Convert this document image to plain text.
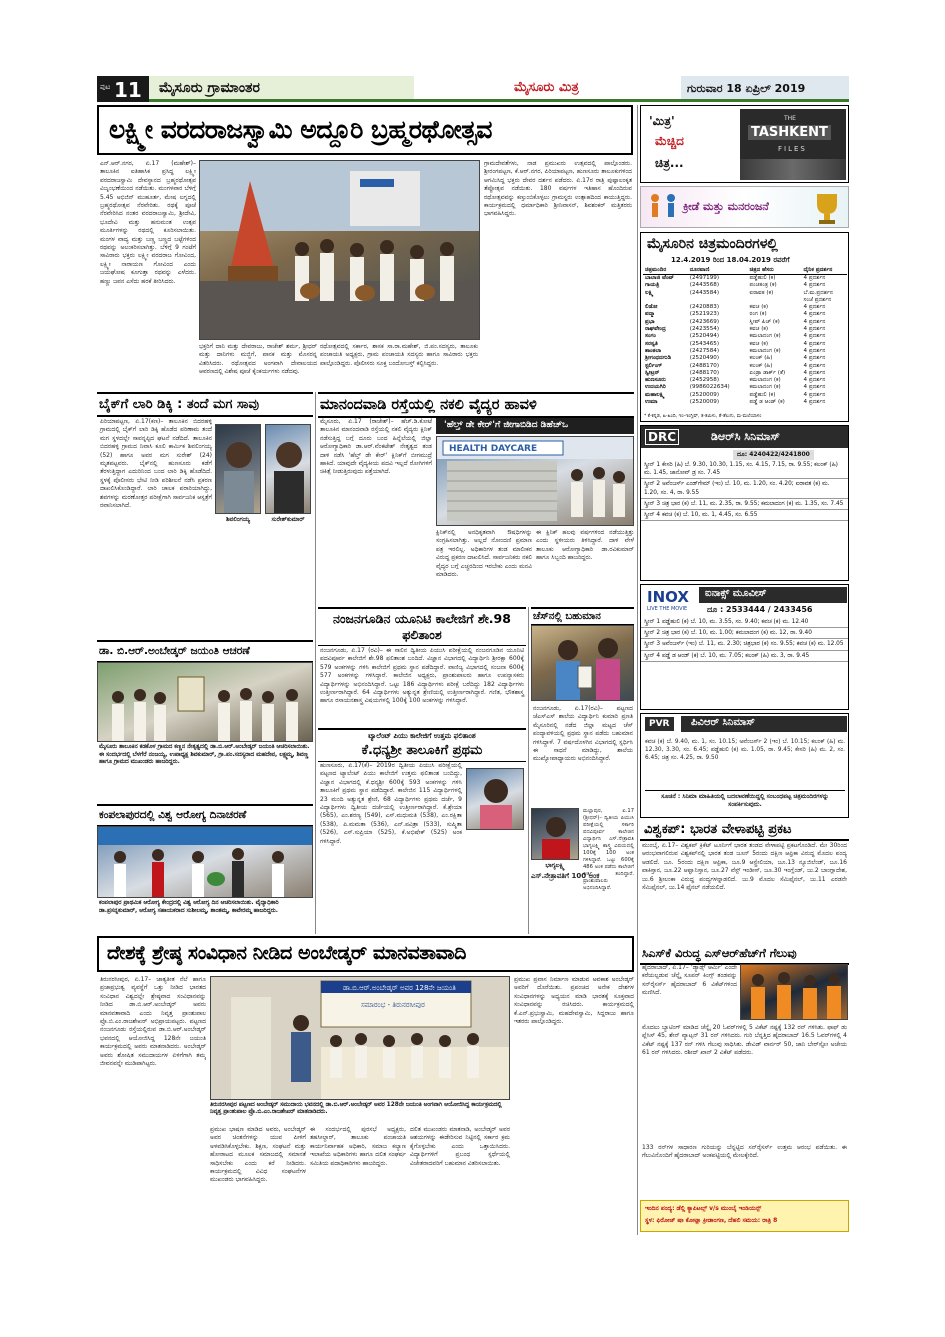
ಪುಟ 11 ಮೈಸೂರು ಗ್ರಾಮಾಂತರ	ಮೈಸೂರು ಮಿತ್ರ	ಗುರುವಾರ 18 ಏಪ್ರಿಲ್ 2019
ಲಕ್ಷ್ಮೀ ವರದರಾಜಸ್ವಾಮಿ ಅದ್ದೂರಿ ಬ್ರಹ್ಮರಥೋತ್ಸವ

ಎನ್.ಆರ್.ನಗರ, ಏ.17 (ಮಹೇಶ್)– ತಾಲೂಕಿನ ಐತಿಹಾಸಿಕ ಪ್ರಸಿದ್ಧ ಲಕ್ಷ್ಮೀ ವರದರಾಜಸ್ವಾಮಿ ದೇವಸ್ಥಾನದ ಬ್ರಹ್ಮರಥೋತ್ಸವ ವಿಜೃಂಭಣೆಯಿಂದ ನಡೆಯಿತು. ಮಂಗಳವಾರ ಬೆಳಿಗ್ಗೆ 5.45 ಅಭಿಜಿನ್ ಮುಹೂರ್ತ, ಮೇಷ ಲಗ್ನದಲ್ಲಿ ಬ್ರಹ್ಮರಥೋತ್ಸವ ನೆರವೇರಿತು. ರಥಕ್ಕೆ ಪೂಜೆ ನೆರವೇರಿಸಿದ ನಂತರ ವರದರಾಜಸ್ವಾಮಿ, ಶ್ರೀದೇವಿ, ಭೂದೇವಿ ಮತ್ತು ಹನುಮಂತ ಉತ್ಸವ ಮೂರ್ತಿಗಳನ್ನು ರಥದಲ್ಲಿ ಕೂರಿಸಲಾಯಿತು. ಮಂಗಳ ವಾದ್ಯ ಮತ್ತು ಬಣ್ಣ ಬಣ್ಣದ ಬಟ್ಟೆಗಳಿಂದ ರಥವನ್ನು ಅಲಂಕರಿಸಲಾಗಿತ್ತು. ಬೆಳಿಗ್ಗೆ 9 ಗಂಟೆಗೆ ಸಾವಿರಾರು ಭಕ್ತರು ಲಕ್ಷ್ಮೀ ವರದರಾಜ ಗೋವಿಂದ, ಲಕ್ಷ್ಮೀ ನಾರಾಯಣ ಗೋವಿಂದ ಎಂದು ಜಯಘೋಷ ಕೂಗುತ್ತಾ ರಥವನ್ನು ಎಳೆದರು. ಹಣ್ಣು ಜವನ ಎಸೆದು ಹರಕೆ ತೀರಿಸಿದರು.

ಭಕ್ತರಿಗೆ ದಾನಿ ಮತ್ತು ದೇವರಾಜು, ರಾಜೇಶ್ ಶರ್ಮ, ಶ್ರೀಧರ್ ಮತ್ತು ದಾನಿಗಳು ಮಜ್ಜಿಗೆ, ಪಾನಕ ಮತ್ತು ಮೊಸರನ್ನ ವಿತರಿಸಿದರು. ರಥೋತ್ಸವದ ಅಂಗವಾಗಿ ದೇವಾಲಯದ ಆವರಣದಲ್ಲಿ ವಿಶೇಷ ಪೂಜೆ ಕೈಂಕರ್ಯಗಳು ನಡೆದವು.

ರಥೋತ್ಸವದಲ್ಲಿ ಸರ್ಕಾರ, ಶಾಸಕ ಸಾ.ರಾ.ಮಹೇಶ್, ಜಿ.ಪಂ.ಸದಸ್ಯರು, ತಾಲೂಕು ಪಂಚಾಯತಿ ಅಧ್ಯಕ್ಷರು, ಗ್ರಾಮ ಪಂಚಾಯತಿ ಸದಸ್ಯರು ಹಾಗೂ ಸಾವಿರಾರು ಭಕ್ತರು ಪಾಲ್ಗೊಂಡಿದ್ದರು. ಪೊಲೀಸರು ಸೂಕ್ತ ಬಂದೋಬಸ್ತ್ ಕಲ್ಪಿಸಿದ್ದರು.

ಗ್ರಾಮದೇವತೆಗಳು, ನಾಡ ಪ್ರಮುಖರು ಉತ್ಸವದಲ್ಲಿ ಪಾಲ್ಗೊಂಡರು. ಶ್ರೀರಂಗಪಟ್ಟಣ, ಕೆ.ಆರ್.ನಗರ, ಪಿರಿಯಾಪಟ್ಟಣ, ಹುಣಸೂರು ತಾಲೂಕುಗಳಿಂದ ಆಗಮಿಸಿದ್ದ ಭಕ್ತರು ದೇವರ ದರ್ಶನ ಪಡೆದರು. ಏ.17ರ ರಾತ್ರಿ ಪುಷ್ಪಾಲಂಕೃತ ತೆಪ್ಪೋತ್ಸವ ನಡೆಯಿತು. 180 ವರ್ಷಗಳ ಇತಿಹಾಸ ಹೊಂದಿರುವ ರಥೋತ್ಸವವನ್ನು ಕಣ್ತುಂಬಿಕೊಳ್ಳಲು ಗ್ರಾಮಸ್ಥರು ಉತ್ಸಾಹದಿಂದ ಕಾಯುತ್ತಿದ್ದರು. ಕಾರ್ಯಕ್ರಮದಲ್ಲಿ ಧರ್ಮಾಧಿಕಾರಿ ಶ್ರೀನಿವಾಸನ್, ಶಿವಶಂಕರ್ ಮತ್ತಿತರರು ಭಾಗವಹಿಸಿದ್ದರು.

'ಮಿತ್ರ'
ಮೆಚ್ಚಿದ
ಚಿತ್ರ...
THE
TASHKENT
FILES
ಕ್ರೀಡೆ ಮತ್ತು ಮನರಂಜನೆ
ಮೈಸೂರಿನ ಚಿತ್ರಮಂದಿರಗಳಲ್ಲಿ
12.4.2019 ರಿಂದ 18.04.2019 ರವರೆಗೆ
ಚಿತ್ರಮಂದಿರ	ದೂರವಾಣಿ	ಚಿತ್ರದ ಹೆಸರು	ದೈನಿಕ ಪ್ರದರ್ಶನ
ಬಾಲಾಜಿ ಟೆಂಟ್	(2497199)	ಪಡ್ಡೆಹುಲಿ (ಕ)	4 ಪ್ರದರ್ಶನ
ಗಾಯತ್ರಿ	(2443568)	ಪಂಚತಂತ್ರ (ಕ)	4 ಪ್ರದರ್ಶನ
ಲಕ್ಷ್ಮಿ	(2443584)	ಐರಾವತ (ಕ)	ಬೆ.ಮ.ಪ್ರದರ್ಶನ
			ಸಂಜೆ ಪ್ರದರ್ಶನ
ಲಿಡೋ	(2420883)	ಕವಚ (ಕ)	4 ಪ್ರದರ್ಶನ
ಪದ್ಮಾ	(2521923)	ರಂಗ (ಕ)	4 ಪ್ರದರ್ಶನ
ಪ್ರಭಾ	(2423669)	ಸ್ಲೀಪ್ ಪಿಚ್ (ಕ)	4 ಪ್ರದರ್ಶನ
ರಾಘವೇಂದ್ರ	(2423554)	ಕವಚ (ಕ)	4 ಪ್ರದರ್ಶನ
ಸಂಗಂ	(2520494)	ಕಮಲಾದಂಗ (ಕ)	4 ಪ್ರದರ್ಶನ
ಸರಸ್ವತಿ	(2543465)	ಕವಚ (ಕ)	4 ಪ್ರದರ್ಶನ
ಶಾಂತಲಾ	(2427584)	ಕಮಲಾದಂಗ (ಕ)	4 ಪ್ರದರ್ಶನ
ಶ್ರೀಗಂಧದಗುಡಿ	(2520490)	ಕಲಂಕ್ (ಹಿ)	4 ಪ್ರದರ್ಶನ
ಸ್ಟರ್ಲಿಂಗ್	(2488170)	ಕಲಂಕ್ (ಹಿ)	4 ಪ್ರದರ್ಶನ
ಸ್ವೀಟ್ರನ್	(2488170)	ಏಂಡ್ರಾ ಡಾರ್ಕ್ (ತೆ)	4 ಪ್ರದರ್ಶನ
ಹುಣಸೂರು	(2452958)	ಕಮಲಾದಂಗ (ಕ)	4 ಪ್ರದರ್ಶನ
ಉದಯಗಿರಿ	(9986022634)	ಕಮಲಾದಂಗ (ಕ)	4 ಪ್ರದರ್ಶನ
ಮಹಾಲಕ್ಷ್ಮಿ	(2520009)	ಪಡ್ಡೆಹುಲಿ (ಕ)	4 ಪ್ರದರ್ಶನ
ಉಮಾ	(2520009)	ಪಡ್ಡೆ ಡ ಆಂಡ್ (ಕ)	4 ಪ್ರದರ್ಶನ
* ಕೆ-ಕನ್ನಡ, ಹಿ-ಹಿಂದಿ, ಇಂ-ಇಂಗ್ಲಿಷ್, ತ-ತಮಿಳು, ತೆ-ತೆಲುಗು, ಮ-ಮಲೆಯಾಳಂ
DRC	ಡಿಆರ್‌ಸಿ ಸಿನಿಮಾಸ್
ದೂ: 4240422/4241800
ಸ್ಕ್ರೀನ್ 1 ಕೇಸರಿ (ಹಿ) ಬೆ. 9.30, 10.30, 1.15, ಸಂ. 4.15, 7.15, ರಾ. 9.55; ಕಲಂಕ್ (ಹಿ) ಮ. 1.45, ಜಾನೋವ್ ಡ್ರ ಸಂ. 7.45
ಸ್ಕ್ರೀನ್ 2 ಅವೆಂಜರ್ಸ್ ಎಂಡ್‌ಗೇಮ್ (ಇಂ) ಬೆ. 10, ಮ. 1.20, ಸಂ. 4.20; ಐರಾವತ (ಕ) ಮ. 1.20, ಸಂ. 4, ರಾ. 9.55
ಸ್ಕ್ರೀನ್ 3 ಚಿತ್ರ ಭಾರ (ಕ) ಬೆ. 11, ಮ. 2.35, ರಾ. 9.55; ಕಮಲಾದಂಗ (ಕ) ಮ. 1.35, ಸಂ. 7.45
ಸ್ಕ್ರೀನ್ 4 ಕವಚ (ಕ) ಬೆ. 10, ಮ. 1, 4.45, ಸಂ. 6.55
INOX
LIVE THE MOVIE
ಐನಾಕ್ಸ್ ಮೂವೀಸ್
ದೂ : 2533444 / 2433456
ಸ್ಕ್ರೀನ್ 1 ಪಡ್ಡೆಹುಲಿ (ಕ) ಬೆ. 10, ಮ. 3.55, ಸಂ. 9.40; ಕವಚ (ಕ) ಮ. 12.40
ಸ್ಕ್ರೀನ್ 2 ಚಿತ್ರ ಭಾರ (ಕ) ಬೆ. 10, ಮ. 1.00; ಕಮಲಾದಂಗ (ಕ) ಮ. 12, ರಾ. 9.40
ಸ್ಕ್ರೀನ್ 3 ಅವೆಂಜರ್ಸ್ (ಇಂ) ಬೆ. 11, ಮ. 2.30; ಚಿತ್ರಭಾರ (ಕ) ಸಂ. 9.55; ಕವಚ (ಕ) ಮ. 12.05
ಸ್ಕ್ರೀನ್ 4 ಪಡ್ಡೆ ಡ ಆಂಡ್ (ಕ) ಬೆ. 10, ಮ. 7.05; ಕಲಂಕ್ (ಹಿ) ಮ. 3, ರಾ. 9.45
PVR	ಪಿವಿಆರ್ ಸಿನಿಮಾಸ್
ಕವಚ (ಕ) ಬೆ. 9.40, ಮ. 1, ಸಂ. 10.15; ಅವೆಂಜರ್ಸ್ 2 (ಇಂ) ಬೆ. 10.15; ಕಲಂಕ್ (ಹಿ) ಮ. 12.30, 3.30, ಸಂ. 6.45; ಪಡ್ಡೆಹುಲಿ (ಕ) ಮ. 1.05, ರಾ. 9.45; ಕೇಸರಿ (ಹಿ) ಮ. 2, ಸಂ. 6.45; ಚಿತ್ರ ಸಂ. 4.25, ರಾ. 9.50
ಸೂಚನೆ : ಸಿನಿಮಾ ಮಾಹಿತಿಯಲ್ಲಿ ಬದಲಾವಣೆಯಿದ್ದಲ್ಲಿ ಸಂಬಂಧಪಟ್ಟ ಚಿತ್ರಮಂದಿರಗಳನ್ನು ಸಂಪರ್ಕಿಸುವುದು.
ವಿಶ್ವಕಪ್: ಭಾರತ ವೇಳಾಪಟ್ಟಿ ಪ್ರಕಟ
ಮುಂಬೈ, ಏ.17– ವಿಶ್ವಕಪ್ ಕ್ರಿಕೆಟ್ ಟೂರ್ನಿಗೆ ಭಾರತ ತಂಡದ ವೇಳಾಪಟ್ಟಿ ಪ್ರಕಟಗೊಂಡಿದೆ. ಮೇ 30ರಿಂದ ಆರಂಭವಾಗಲಿರುವ ವಿಶ್ವಕಪ್‌ನಲ್ಲಿ ಭಾರತ ತಂಡ ಜೂನ್ 5ರಂದು ದಕ್ಷಿಣ ಆಫ್ರಿಕಾ ವಿರುದ್ಧ ಮೊದಲ ಪಂದ್ಯ ಆಡಲಿದೆ. ಜೂ. 5ರಂದು ದಕ್ಷಿಣ ಆಫ್ರಿಕಾ, ಜೂ.9 ಆಸ್ಟ್ರೇಲಿಯಾ, ಜೂ.13 ನ್ಯೂಜಿಲೆಂಡ್, ಜೂ.16 ಪಾಕಿಸ್ತಾನ, ಜೂ.22 ಆಫ್ಘಾನಿಸ್ತಾನ, ಜೂ.27 ವೆಸ್ಟ್ ಇಂಡೀಸ್, ಜೂ.30 ಇಂಗ್ಲೆಂಡ್, ಜು.2 ಬಾಂಗ್ಲಾದೇಶ, ಜು.6 ಶ್ರೀಲಂಕಾ ವಿರುದ್ಧ ಪಂದ್ಯಗಳನ್ನಾಡಲಿದೆ. ಜು.9 ಮೊದಲ ಸೆಮಿಫೈನಲ್, ಜು.11 ಎರಡನೇ ಸೆಮಿಫೈನಲ್, ಜು.14 ಫೈನಲ್ ನಡೆಯಲಿದೆ.
ಸಿಎಸ್‌ಕೆ ವಿರುದ್ಧ ಎಸ್‌ಆರ್‌ಹೆಚ್‌ಗೆ ಗೆಲುವು
ಹೈದರಾಬಾದ್, ಏ.17– 'ಡ್ಯಾಡ್ಸ್ ಆರ್ಮಿ' ಎಂದೇ ಕರೆಯಲ್ಪಡುವ ಚೆನ್ನೈ ಸೂಪರ್ ಕಿಂಗ್ಸ್ ತಂಡವನ್ನು ಸನ್‌ರೈಸರ್ಸ್ ಹೈದರಾಬಾದ್ 6 ವಿಕೆಟ್‌ಗಳಿಂದ ಮಣಿಸಿದೆ.
ಮೊದಲು ಬ್ಯಾಟಿಂಗ್ ಮಾಡಿದ ಚೆನ್ನೈ 20 ಓವರ್‌ಗಳಲ್ಲಿ 5 ವಿಕೆಟ್ ನಷ್ಟಕ್ಕೆ 132 ರನ್ ಗಳಿಸಿತು. ಫಾಫ್ ಡು ಪ್ಲೆಸಿಸ್ 45, ಶೇನ್ ವ್ಯಾಟ್ಸನ್ 31 ರನ್ ಗಳಿಸಿದರು. ಗುರಿ ಬೆನ್ನತ್ತಿದ ಹೈದರಾಬಾದ್ 16.5 ಓವರ್‌ಗಳಲ್ಲಿ 4 ವಿಕೆಟ್ ನಷ್ಟಕ್ಕೆ 137 ರನ್ ಗಳಿಸಿ ಗೆಲುವು ಸಾಧಿಸಿತು. ಡೇವಿಡ್ ವಾರ್ನರ್ 50, ಜಾನಿ ಬೇರ್‌ಸ್ಟೋ ಅಜೇಯ 61 ರನ್ ಗಳಿಸಿದರು. ರಶೀದ್ ಖಾನ್ 2 ವಿಕೆಟ್ ಪಡೆದರು.
133 ರನ್‌ಗಳ ಸಾಧಾರಣ ಗುರಿಯನ್ನು ಬೆನ್ನಟ್ಟಿದ ಸನ್‌ರೈಸರ್ಸ್ ಉತ್ತಮ ಆರಂಭ ಪಡೆಯಿತು. ಈ ಗೆಲುವಿನೊಂದಿಗೆ ಹೈದರಾಬಾದ್ ಅಂಕಪಟ್ಟಿಯಲ್ಲಿ ಮೇಲಕ್ಕೇರಿದೆ.
ಇಂದಿನ ಪಂದ್ಯ: ಡೆಲ್ಲಿ ಕ್ಯಾಪಿಟಲ್ಸ್ v/s ಮುಂಬೈ ಇಂಡಿಯನ್ಸ್
ಸ್ಥಳ: ಫಿರೋಜ್ ಷಾ ಕೋಟ್ಲಾ ಕ್ರೀಡಾಂಗಣ, ದೆಹಲಿ ಸಮಯ: ರಾತ್ರಿ 8
ಬೈಕ್‌ಗೆ ಲಾರಿ ಡಿಕ್ಕಿ : ತಂದೆ ಮಗ ಸಾವು
ಪಿರಿಯಾಪಟ್ಟಣ, ಏ.17(ಕಣ)– ತಾಲೂಕಿನ ಬಿದರಹಳ್ಳಿ ಗ್ರಾಮದಲ್ಲಿ ಬೈಕ್‌ಗೆ ಲಾರಿ ಡಿಕ್ಕಿ ಹೊಡೆದ ಪರಿಣಾಮ ತಂದೆ ಮಗ ಸ್ಥಳದಲ್ಲೇ ಸಾವನ್ನಪ್ಪಿದ ಘಟನೆ ನಡೆದಿದೆ. ತಾಲೂಕಿನ ಬಿದರಹಳ್ಳಿ ಗ್ರಾಮದ ನಿವಾಸಿ ಕೂಲಿ ಕಾರ್ಮಿಕ ಶಿವಲಿಂಗಯ್ಯ (52) ಹಾಗೂ ಅವರ ಮಗ ಸುರೇಶ್ (24) ಮೃತಪಟ್ಟವರು. ಬೈಕ್‌ನಲ್ಲಿ ಹುಣಸೂರು ಕಡೆಗೆ ತೆರಳುತ್ತಿದ್ದಾಗ ಎದುರಿನಿಂದ ಬಂದ ಲಾರಿ ಡಿಕ್ಕಿ ಹೊಡೆದಿದೆ. ಸ್ಥಳಕ್ಕೆ ಪೊಲೀಸರು ಭೇಟಿ ನೀಡಿ ಪರಿಶೀಲನೆ ನಡೆಸಿ ಪ್ರಕರಣ ದಾಖಲಿಸಿಕೊಂಡಿದ್ದಾರೆ. ಲಾರಿ ಚಾಲಕ ಪರಾರಿಯಾಗಿದ್ದು, ಶವಗಳನ್ನು ಮರಣೋತ್ತರ ಪರೀಕ್ಷೆಗಾಗಿ ಸಾರ್ವಜನಿಕ ಆಸ್ಪತ್ರೆಗೆ ರವಾನಿಸಲಾಗಿದೆ.
ಶಿವಲಿಂಗಯ್ಯ	ಸುರೇಶ್‌ಕುಮಾರ್
ಮಾನಂದವಾಡಿ ರಸ್ತೆಯಲ್ಲಿ ನಕಲಿ ವೈದ್ಯರ ಹಾವಳಿ
ಮೈಸೂರು, ಏ.17 (ರಾಜೇಶ್)– ಹೆಚ್.ಡಿ.ಕೋಟೆ ತಾಲೂಕಿನ ಮಾನಂದವಾಡಿ ರಸ್ತೆಯಲ್ಲಿ ನಕಲಿ ವೈದ್ಯರು ಕ್ಲಿನಿಕ್ ನಡೆಸುತ್ತಿದ್ದ ಬಗ್ಗೆ ದೂರು ಬಂದ ಹಿನ್ನೆಲೆಯಲ್ಲಿ ಜಿಲ್ಲಾ ಆರೋಗ್ಯಾಧಿಕಾರಿ ಡಾ.ಆರ್.ವೆಂಕಟೇಶ್ ನೇತೃತ್ವದ ತಂಡ ದಾಳಿ ನಡೆಸಿ 'ಹೆಲ್ತ್ ಡೇ ಕೇರ್' ಕ್ಲಿನಿಕ್‌ಗೆ ಬೀಗಮುದ್ರೆ ಹಾಕಿದೆ. ಯಾವುದೇ ವೈದ್ಯಕೀಯ ಪದವಿ ಇಲ್ಲದೆ ರೋಗಿಗಳಿಗೆ ಚಿಕಿತ್ಸೆ ನೀಡುತ್ತಿರುವುದು ಪತ್ತೆಯಾಗಿದೆ.
'ಹೆಲ್ತ್ ಡೇ ಕೇರ್'ಗೆ ಜೀಗಾಬಿಡಿದ ಡಿಹೆಚ್‌ಒ
HEALTH DAYCARE
ಕ್ಲಿನಿಕ್‌ನಲ್ಲಿ ಅನಧಿಕೃತವಾಗಿ ಔಷಧಿಗಳನ್ನು ಸಂಗ್ರಹಿಸಲಾಗಿತ್ತು. ಅಲ್ಲದೆ ನೋಂದಣಿ ಪ್ರಮಾಣ ಪತ್ರ ಇರಲಿಲ್ಲ. ಅಧಿಕಾರಿಗಳ ತಂಡ ಮಾಲೀಕನ ವಿರುದ್ಧ ಪ್ರಕರಣ ದಾಖಲಿಸಿದೆ. ಸಾರ್ವಜನಿಕರು ನಕಲಿ ವೈದ್ಯರ ಬಗ್ಗೆ ಎಚ್ಚರದಿಂದ ಇರಬೇಕು ಎಂದು ಮನವಿ ಮಾಡಿದರು.
ಈ ಕ್ಲಿನಿಕ್ ಹಲವು ವರ್ಷಗಳಿಂದ ನಡೆಯುತ್ತಿತ್ತು ಎಂದು ಸ್ಥಳೀಯರು ತಿಳಿಸಿದ್ದಾರೆ. ದಾಳಿ ವೇಳೆ ತಾಲೂಕು ಆರೋಗ್ಯಾಧಿಕಾರಿ ಡಾ.ರವಿಕುಮಾರ್ ಹಾಗೂ ಸಿಬ್ಬಂದಿ ಹಾಜರಿದ್ದರು.
ಡಾ. ಬಿ.ಆರ್.ಅಂಬೇಡ್ಕರ್ ಜಯಂತಿ ಆಚರಣೆ
ಮೈಸೂರು ತಾಲೂಕಿನ ಕಡಕೊಳ ಗ್ರಾಮದ ಕಣ್ಣನ ನೇತೃತ್ವದಲ್ಲಿ ಡಾ.ಬಿ.ಆರ್.ಅಂಬೇಡ್ಕರ್ ಜಯಂತಿ ಆಚರಿಸಲಾಯಿತು. ಈ ಸಂದರ್ಭದಲ್ಲಿ ಬೆಳಗೆರೆ ನಂಜಯ್ಯ, ಉಪಾಧ್ಯಕ್ಷ ಶಿವಕುಮಾರ್, ಗ್ರಾ.ಪಂ.ಸದಸ್ಯರಾದ ಮಹದೇವ, ಲಕ್ಷ್ಮಮ್ಮ, ಶಿವಣ್ಣ ಹಾಗೂ ಗ್ರಾಮದ ಮುಖಂಡರು ಹಾಜರಿದ್ದರು.
ಕಂಪಲಾಪುರದಲ್ಲಿ ವಿಶ್ವ ಆರೋಗ್ಯ ದಿನಾಚರಣೆ
ಕಂಪಲಾಪುರ ಪ್ರಾಥಮಿಕ ಆರೋಗ್ಯ ಕೇಂದ್ರದಲ್ಲಿ ವಿಶ್ವ ಆರೋಗ್ಯ ದಿನ ಆಚರಿಸಲಾಯಿತು. ವೈದ್ಯಾಧಿಕಾರಿ ಡಾ.ಪ್ರಸನ್ನಕುಮಾರ್, ಆರೋಗ್ಯ ಸಹಾಯಕರಾದ ಸುಶೀಲಮ್ಮ, ಶಾಂತಮ್ಮ, ಕಾವೇರಮ್ಮ ಹಾಜರಿದ್ದರು.
ನಂಜನಗೂಡಿನ ಯೂನಿಟಿ ಕಾಲೇಜಿಗೆ ಶೇ.98 ಫಲಿತಾಂಶ
ನಂಜನಗೂಡು, ಏ.17 (ರವಿ)– ಈ ಸಾಲಿನ ದ್ವಿತೀಯ ಪಿಯುಸಿ ಪರೀಕ್ಷೆಯಲ್ಲಿ ನಂಜನಗೂಡಿನ ಯೂನಿಟಿ ಪದವಿಪೂರ್ವ ಕಾಲೇಜಿಗೆ ಶೇ.98 ಫಲಿತಾಂಶ ಬಂದಿದೆ. ವಿಜ್ಞಾನ ವಿಭಾಗದಲ್ಲಿ ವಿದ್ಯಾರ್ಥಿನಿ ಶ್ರೀರಕ್ಷಾ 600ಕ್ಕೆ 579 ಅಂಕಗಳನ್ನು ಗಳಿಸಿ ಕಾಲೇಜಿಗೆ ಪ್ರಥಮ ಸ್ಥಾನ ಪಡೆದಿದ್ದಾರೆ. ವಾಣಿಜ್ಯ ವಿಭಾಗದಲ್ಲಿ ಸಂಜನಾ 600ಕ್ಕೆ 577 ಅಂಕಗಳನ್ನು ಗಳಿಸಿದ್ದಾರೆ. ಕಾಲೇಜಿನ ಅಧ್ಯಕ್ಷರು, ಪ್ರಾಂಶುಪಾಲರು ಹಾಗೂ ಉಪನ್ಯಾಸಕರು ವಿದ್ಯಾರ್ಥಿಗಳನ್ನು ಅಭಿನಂದಿಸಿದ್ದಾರೆ. ಒಟ್ಟು 186 ವಿದ್ಯಾರ್ಥಿಗಳು ಪರೀಕ್ಷೆ ಬರೆದಿದ್ದು 182 ವಿದ್ಯಾರ್ಥಿಗಳು ಉತ್ತೀರ್ಣರಾಗಿದ್ದಾರೆ. 64 ವಿದ್ಯಾರ್ಥಿಗಳು ಅತ್ಯುನ್ನತ ಶ್ರೇಣಿಯಲ್ಲಿ ಉತ್ತೀರ್ಣರಾಗಿದ್ದಾರೆ. ಗಣಿತ, ಭೌತಶಾಸ್ತ್ರ ಹಾಗೂ ರಸಾಯನಶಾಸ್ತ್ರ ವಿಷಯಗಳಲ್ಲಿ 100ಕ್ಕೆ 100 ಅಂಕಗಳನ್ನು ಗಳಿಸಿದ್ದಾರೆ.
ಚೆಸ್‌ನಲ್ಲಿ ಬಹುಮಾನ
ನಂಜನಗೂಡು, ಏ.17(ರವಿ)– ಪಟ್ಟಣದ ಜೆಎಸ್‌ಎಸ್ ಶಾಲೆಯ ವಿದ್ಯಾರ್ಥಿನಿ ಕುಮಾರಿ ಪ್ರಣತಿ ಮೈಸೂರಿನಲ್ಲಿ ನಡೆದ ಜಿಲ್ಲಾ ಮಟ್ಟದ ಚೆಸ್ ಪಂದ್ಯಾವಳಿಯಲ್ಲಿ ಪ್ರಥಮ ಸ್ಥಾನ ಪಡೆದು ಬಹುಮಾನ ಗಳಿಸಿದ್ದಾಳೆ. 7 ವರ್ಷದೊಳಗಿನ ವಿಭಾಗದಲ್ಲಿ ಸ್ಪರ್ಧಿಸಿ ಈ ಸಾಧನೆ ಮಾಡಿದ್ದು, ಶಾಲೆಯ ಮುಖ್ಯೋಪಾಧ್ಯಾಯರು ಅಭಿನಂದಿಸಿದ್ದಾರೆ.
ಟ್ಯಾಲೆಂಟ್ ಪಿಯು ಕಾಲೇಜಿಗೆ ಉತ್ತಮ ಫಲಿತಾಂಶ
ಕೆ.ಧನ್ಯಶ್ರೀ ತಾಲೂಕಿಗೆ ಪ್ರಥಮ
ಹುಣಸೂರು, ಏ.17(ಕೆ)– 2019ರ ದ್ವಿತೀಯ ಪಿಯುಸಿ ಪರೀಕ್ಷೆಯಲ್ಲಿ ಪಟ್ಟಣದ ಟ್ಯಾಲೆಂಟ್ ಪಿಯು ಕಾಲೇಜಿಗೆ ಉತ್ತಮ ಫಲಿತಾಂಶ ಬಂದಿದ್ದು, ವಿಜ್ಞಾನ ವಿಭಾಗದಲ್ಲಿ ಕೆ.ಧನ್ಯಶ್ರೀ 600ಕ್ಕೆ 593 ಅಂಕಗಳನ್ನು ಗಳಿಸಿ ತಾಲೂಕಿಗೆ ಪ್ರಥಮ ಸ್ಥಾನ ಪಡೆದಿದ್ದಾರೆ. ಕಾಲೇಜಿನ 115 ವಿದ್ಯಾರ್ಥಿಗಳಲ್ಲಿ 23 ಮಂದಿ ಅತ್ಯುನ್ನತ ಶ್ರೇಣಿ, 68 ವಿದ್ಯಾರ್ಥಿಗಳು ಪ್ರಥಮ ದರ್ಜೆ, 9 ವಿದ್ಯಾರ್ಥಿಗಳು ದ್ವಿತೀಯ ದರ್ಜೆಯಲ್ಲಿ ಉತ್ತೀರ್ಣರಾಗಿದ್ದಾರೆ. ಕೆ.ಶ್ರೇಯಾ (565), ಎಂ.ಶರಣ್ಯ (549), ಎಸ್.ಮಧುಮತಿ (538), ಎಂ.ರಕ್ಷಿತಾ (538), ಪಿ.ಮಮತಾ (536), ಎನ್.ಪವಿತ್ರಾ (533), ಸುಷ್ಮಿತಾ (526), ಎಸ್.ಸುಪ್ರಿಯಾ (525), ಕೆ.ಅಭಿಷೇಕ್ (525) ಅಂಕ ಗಳಿಸಿದ್ದಾರೆ.
ಭಾಗ್ಯಲಕ್ಷ್ಮಿ
ಎಸ್.ನೇತ್ರಾವತಿಗೆ 100 ಅಂಕ
ಮಲ್ಲಾಪುರ, ಏ.17 (ಶ್ರೀಧರ್)– ದ್ವಿತೀಯ ಪಿಯುಸಿ ಪರೀಕ್ಷೆಯಲ್ಲಿ ಸರ್ಕಾರಿ ಪದವಿಪೂರ್ವ ಕಾಲೇಜಿನ ವಿದ್ಯಾರ್ಥಿನಿ ಎಸ್.ನೇತ್ರಾವತಿ ಭಾಗ್ಯಲಕ್ಷ್ಮಿ ಶಾಸ್ತ್ರ ವಿಷಯದಲ್ಲಿ 100ಕ್ಕೆ 100 ಅಂಕ ಗಳಿಸಿದ್ದಾರೆ. ಒಟ್ಟು 600ಕ್ಕೆ 486 ಅಂಕ ಪಡೆದು ಕಾಲೇಜಿಗೆ ಕೀರ್ತಿ ತಂದಿದ್ದಾರೆ. ಪ್ರಾಂಶುಪಾಲರು ಅಭಿನಂದಿಸಿದ್ದಾರೆ.
ದೇಶಕ್ಕೆ ಶ್ರೇಷ್ಠ ಸಂವಿಧಾನ ನೀಡಿದ ಅಂಬೇಡ್ಕರ್ ಮಾನವತಾವಾದಿ

ತಿರುನರಸೀಪುರ, ಏ.17– ಜಾತ್ಯತೀತ ನೆಲೆ ಹಾಗೂ ಪ್ರಜಾಪ್ರಭುತ್ವ ವ್ಯವಸ್ಥೆಗೆ ಒತ್ತು ನೀಡಿದ ಭಾರತದ ಸಂವಿಧಾನ ವಿಶ್ವದಲ್ಲೇ ಶ್ರೇಷ್ಠವಾದ ಸಂವಿಧಾನವನ್ನು ನೀಡಿದ ಡಾ.ಬಿ.ಆರ್.ಅಂಬೇಡ್ಕರ್ ಅವರು ಮಾನವತಾವಾದಿ ಎಂದು ನಿವೃತ್ತ ಪ್ರಾಂಶುಪಾಲ ಪ್ರೊ.ಬಿ.ಎಂ.ರಾಜಶೇಖರ್ ಅಭಿಪ್ರಾಯಪಟ್ಟರು. ಪಟ್ಟಣದ ನಂಜನಗೂಡು ರಸ್ತೆಯಲ್ಲಿರುವ ಡಾ.ಬಿ.ಆರ್.ಅಂಬೇಡ್ಕರ್ ಭವನದಲ್ಲಿ ಆಯೋಜಿಸಿದ್ದ 128ನೇ ಜಯಂತಿ ಕಾರ್ಯಕ್ರಮದಲ್ಲಿ ಅವರು ಮಾತನಾಡಿದರು. ಅಂಬೇಡ್ಕರ್ ಅವರು ಶೋಷಿತ ಸಮುದಾಯಗಳ ಏಳಿಗೆಗಾಗಿ ತಮ್ಮ ಜೀವನವನ್ನೇ ಮುಡಿಪಾಗಿಟ್ಟರು.

ಡಾ.ಬಿ.ಆರ್.ಅಂಬೇಡ್ಕರ್ ಅವರ 128ನೇ ಜಯಂತಿ
ಸಮಾರಂಭ - ತಿರುನರಸೀಪುರ
ತಿರುನರಸೀಪುರ ಪಟ್ಟಣದ ಅಂಬೇಡ್ಕರ್ ಸಮುದಾಯ ಭವನದಲ್ಲಿ ಡಾ.ಬಿ.ಆರ್.ಅಂಬೇಡ್ಕರ್ ಅವರ 128ನೇ ಜಯಂತಿ ಅಂಗವಾಗಿ ಆಯೋಜಿಸಿದ್ದ ಕಾರ್ಯಕ್ರಮದಲ್ಲಿ ನಿವೃತ್ತ ಪ್ರಾಂಶುಪಾಲ ಪ್ರೊ.ಬಿ.ಎಂ.ರಾಜಶೇಖರ್ ಮಾತನಾಡಿದರು.

ಪ್ರಮುಖ ಭಾಷಣ ಮಾಡಿದ ಅವರು, ಅಂಬೇಡ್ಕರ್ ಅವರ ಚಿಂತನೆಗಳನ್ನು ಯುವ ಪೀಳಿಗೆ ಅಳವಡಿಸಿಕೊಳ್ಳಬೇಕು. ಶಿಕ್ಷಣ, ಸಂಘಟನೆ ಮತ್ತು ಹೋರಾಟದ ಮೂಲಕ ಸಮಾಜದಲ್ಲಿ ಸಮಾನತೆ ಸಾಧಿಸಬೇಕು ಎಂದು ಕರೆ ನೀಡಿದರು. ಕಾರ್ಯಕ್ರಮದಲ್ಲಿ ವಿವಿಧ ಸಂಘಟನೆಗಳ ಮುಖಂಡರು ಭಾಗವಹಿಸಿದ್ದರು.

ಈ ಸಂದರ್ಭದಲ್ಲಿ ಪುರಸಭೆ ಅಧ್ಯಕ್ಷರು, ತಹಸೀಲ್ದಾರ್, ತಾಲೂಕು ಪಂಚಾಯತಿ ಕಾರ್ಯನಿರ್ವಾಹಕ ಅಧಿಕಾರಿ, ಸಮಾಜ ಕಲ್ಯಾಣ ಇಲಾಖೆಯ ಅಧಿಕಾರಿಗಳು ಹಾಗೂ ದಲಿತ ಸಂಘರ್ಷ ಸಮಿತಿಯ ಪದಾಧಿಕಾರಿಗಳು ಹಾಜರಿದ್ದರು.

ದಲಿತ ಮುಖಂಡರು ಮಾತನಾಡಿ, ಅಂಬೇಡ್ಕರ್ ಅವರ ಆಶಯಗಳನ್ನು ಈಡೇರಿಸುವ ನಿಟ್ಟಿನಲ್ಲಿ ಸರ್ಕಾರ ಕ್ರಮ ಕೈಗೊಳ್ಳಬೇಕು ಎಂದು ಒತ್ತಾಯಿಸಿದರು. ವಿದ್ಯಾರ್ಥಿಗಳಿಗೆ ಪ್ರಬಂಧ ಸ್ಪರ್ಧೆಯಲ್ಲಿ ವಿಜೇತರಾದವರಿಗೆ ಬಹುಮಾನ ವಿತರಿಸಲಾಯಿತು.

ಪ್ರಮುಖ ಪ್ರವಾಸ ನಿರ್ಮಾಣ ಮಾಡುವ ಅವಕಾಶ ಅಂಬೇಡ್ಕರ್ ಅವರಿಗೆ ದೊರೆಯಿತು. ಪ್ರಪಂಚದ ಅನೇಕ ದೇಶಗಳ ಸಂವಿಧಾನಗಳನ್ನು ಅಧ್ಯಯನ ಮಾಡಿ ಭಾರತಕ್ಕೆ ಸೂಕ್ತವಾದ ಸಂವಿಧಾನವನ್ನು ರಚಿಸಿದರು. ಕಾರ್ಯಕ್ರಮದಲ್ಲಿ ಕೆ.ಎನ್.ಪ್ರಭುಸ್ವಾಮಿ, ಮಹದೇವಸ್ವಾಮಿ, ಸಿದ್ದರಾಜು ಹಾಗೂ ಇತರರು ಪಾಲ್ಗೊಂಡಿದ್ದರು.
